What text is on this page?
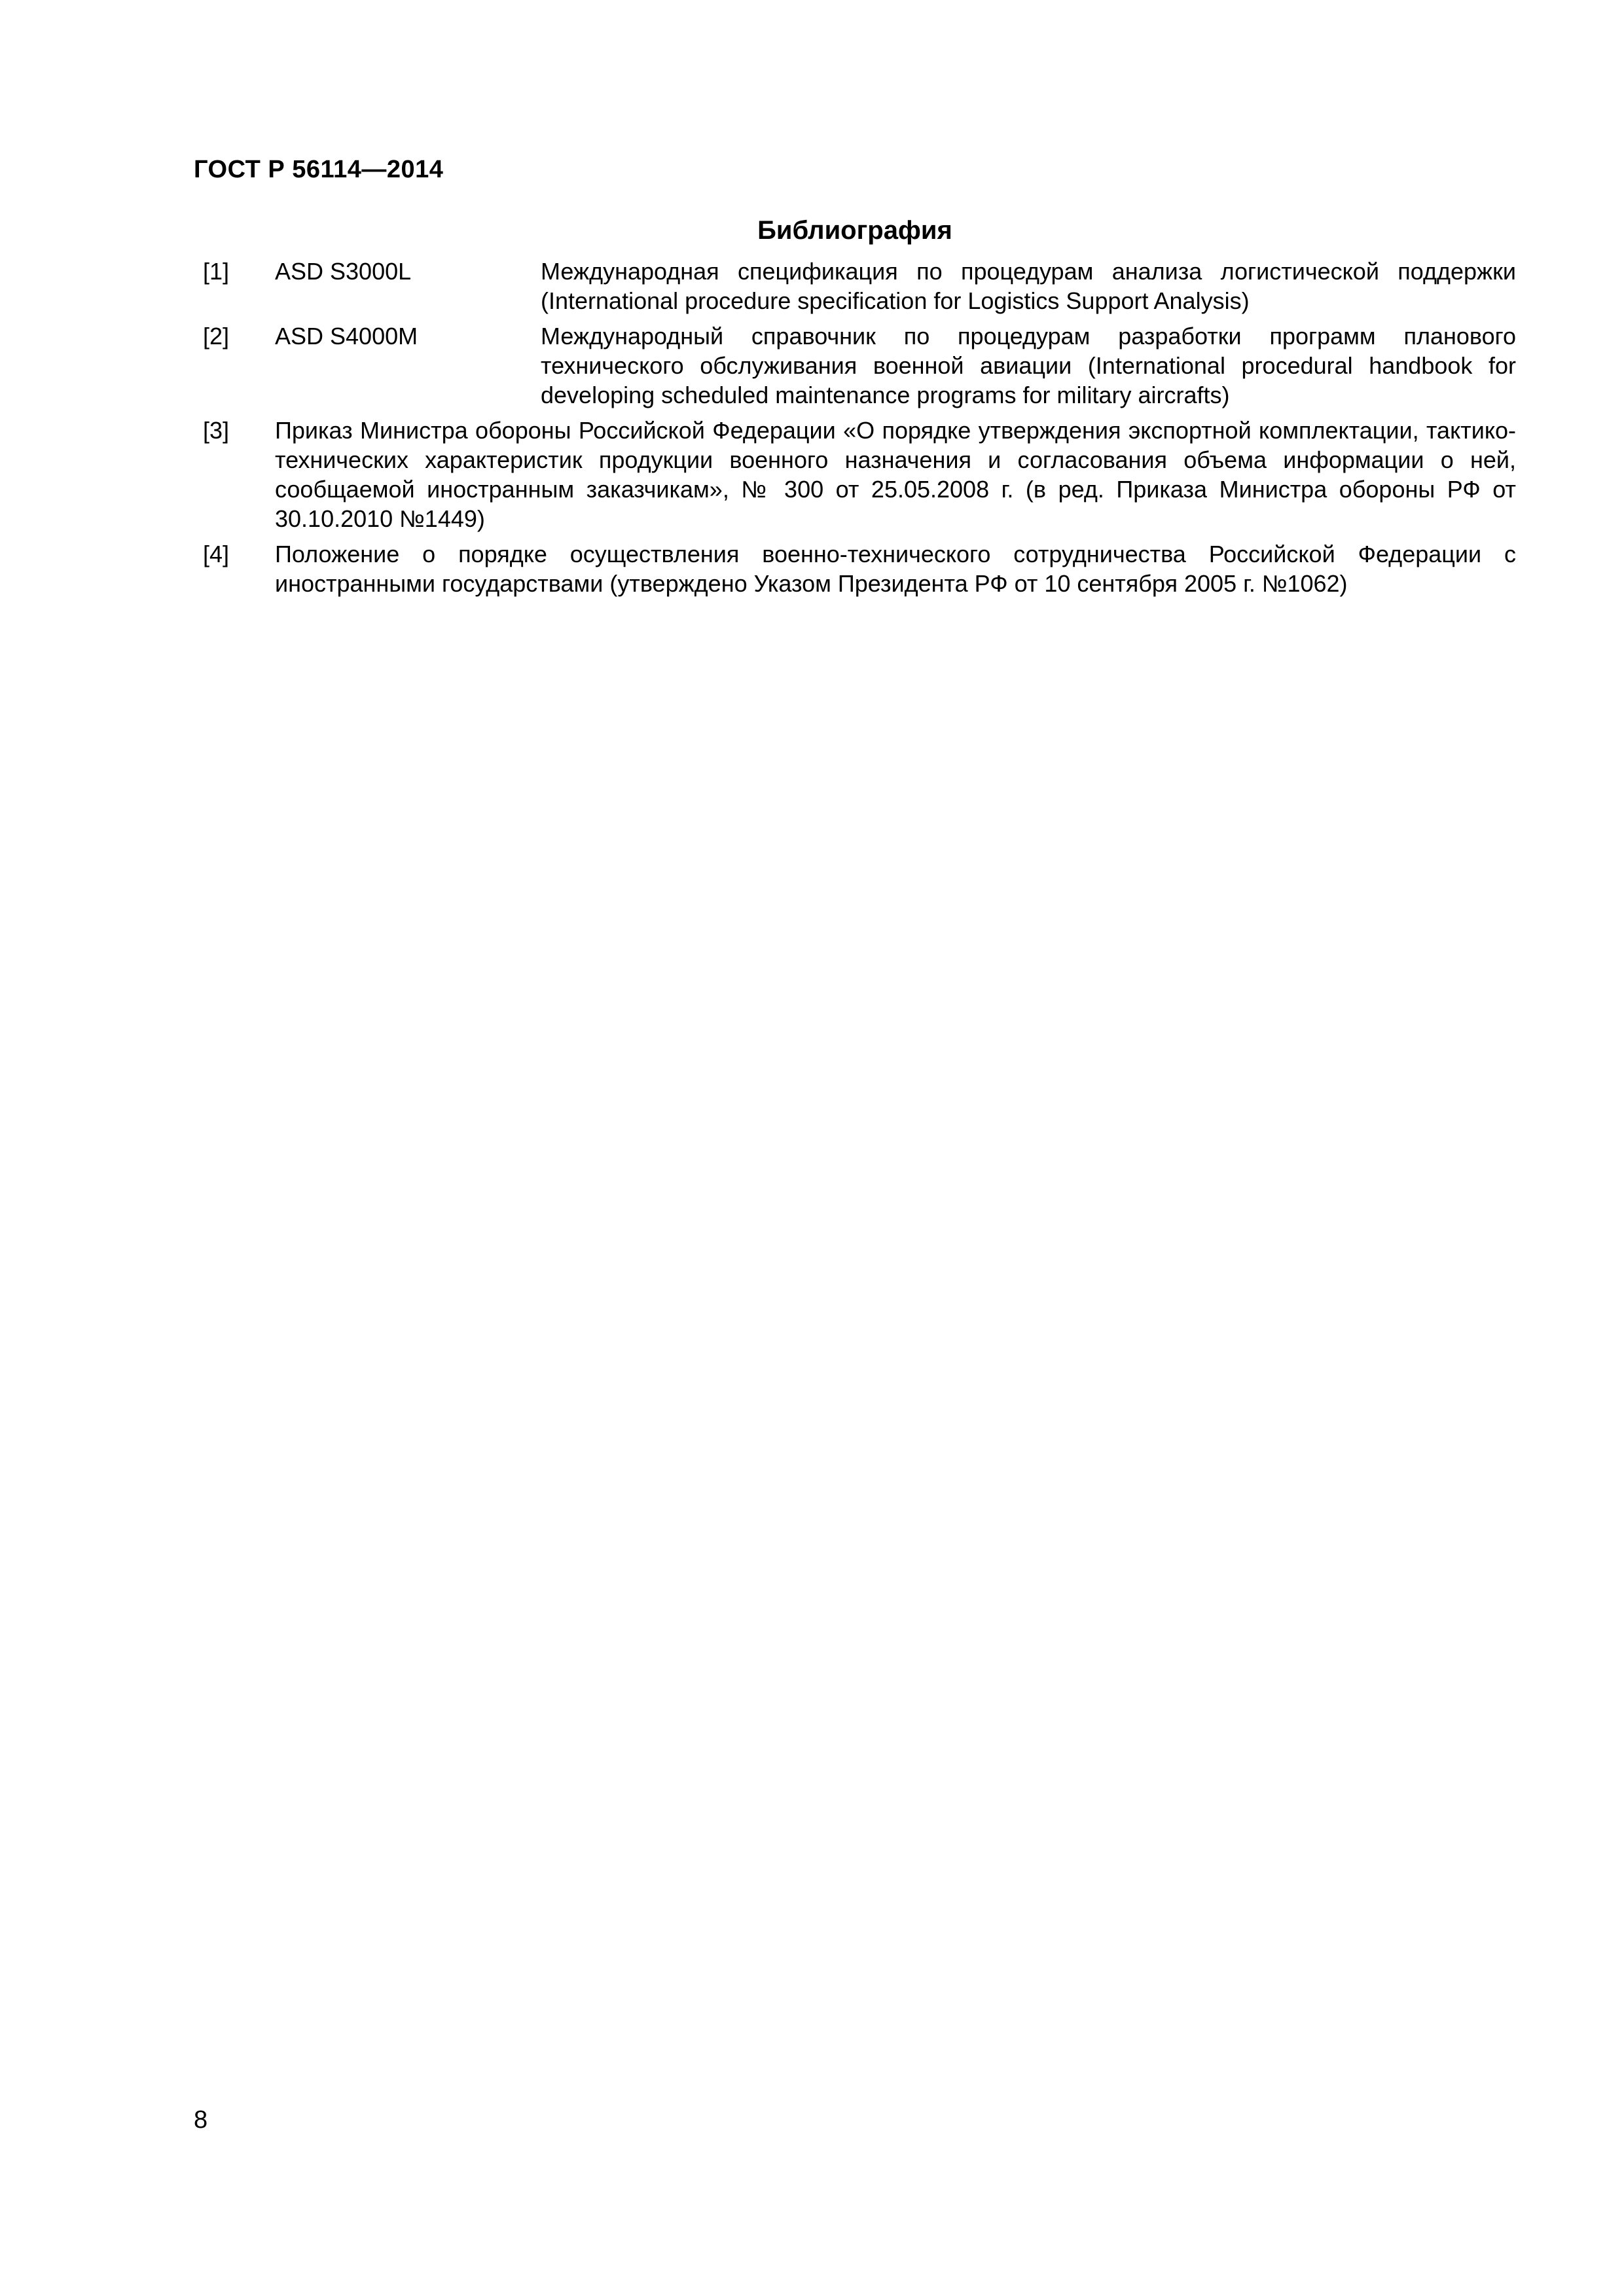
ГОСТ Р 56114—2014
Библиография
[1]	ASD S3000L	Международная спецификация по процедурам анализа логистической поддержки (International procedure specification for Logistics Support Analysis)
[2]	ASD S4000M	Международный справочник по процедурам разработки программ планового технического обслуживания военной авиации (International procedural handbook for developing scheduled maintenance programs for military aircrafts)
[3]	Приказ Министра обороны Российской Федерации «О порядке утверждения экспортной комплектации, тактико-технических характеристик продукции военного назначения и согласования объема информации о ней, сообщаемой иностранным заказчикам», № 300 от 25.05.2008 г. (в ред. Приказа Министра обороны РФ от 30.10.2010 №1449)
[4]	Положение о порядке осуществления военно-технического сотрудничества Российской Федерации с иностранными государствами (утверждено Указом Президента РФ от 10 сентября 2005 г. №1062)
8
